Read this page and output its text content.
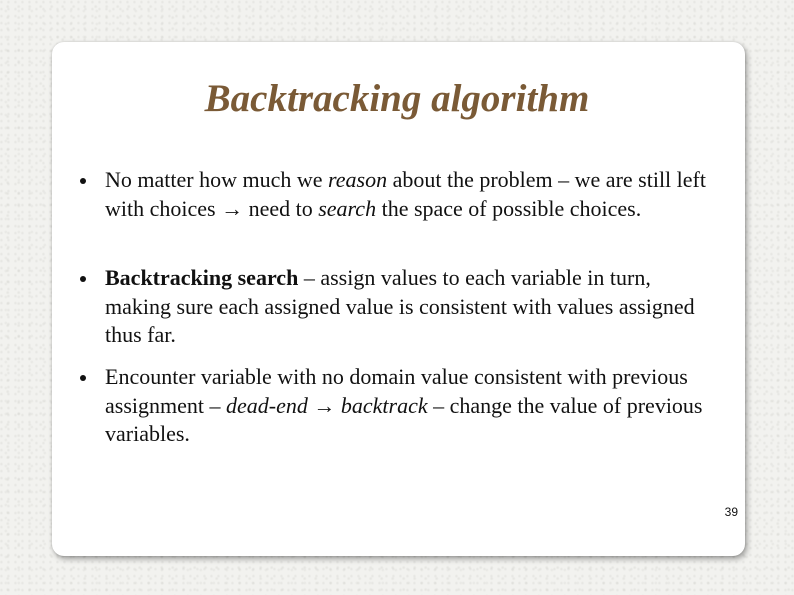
Backtracking algorithm
No matter how much we reason about the problem – we are still left with choices → need to search the space of possible choices.
Backtracking search – assign values to each variable in turn, making sure each assigned value is consistent with values assigned thus far.
Encounter variable with no domain value consistent with previous assignment – dead-end → backtrack – change the value of previous variables.
39
